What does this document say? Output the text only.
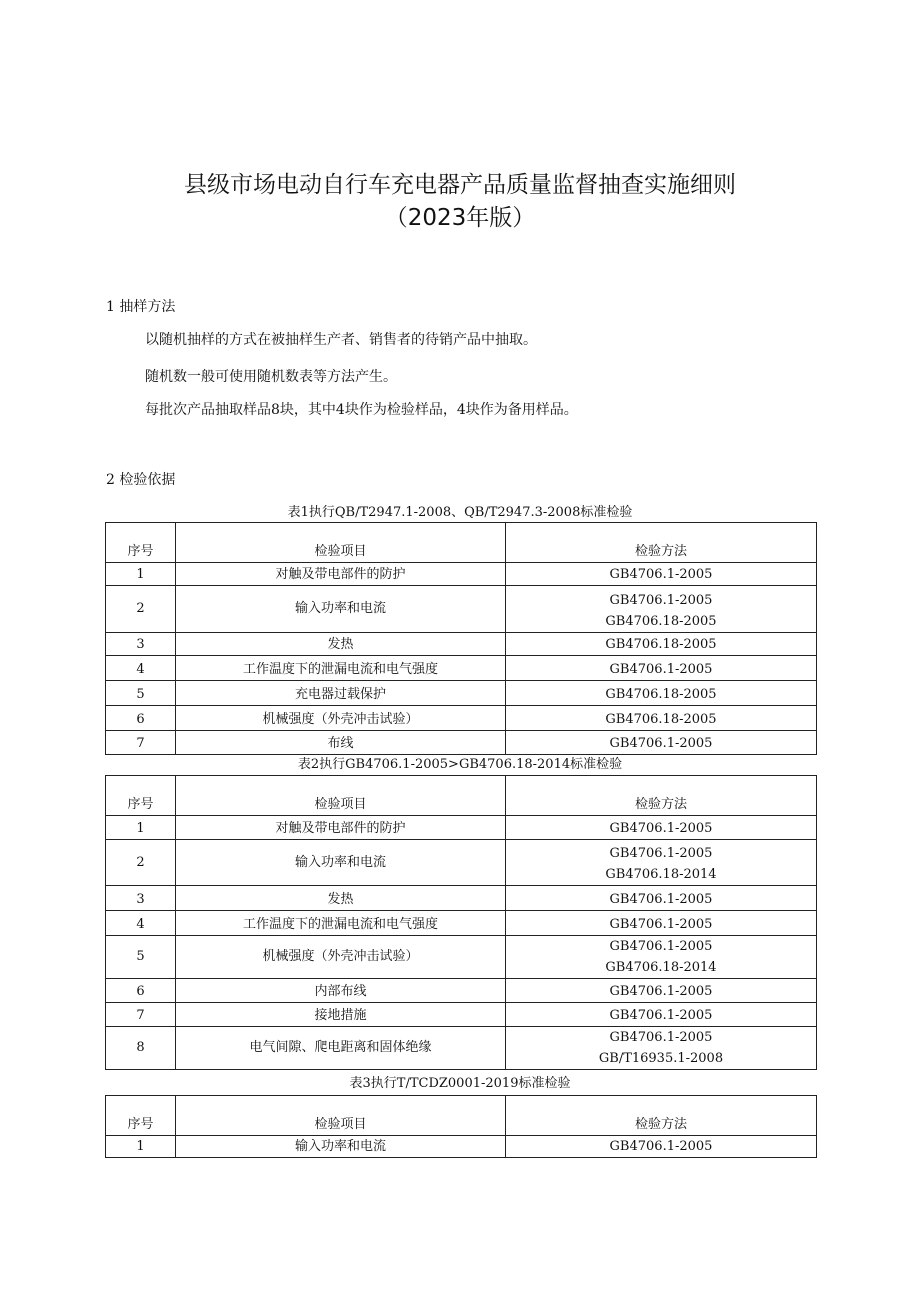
县级市场电动自行车充电器产品质量监督抽查实施细则
（2023年版）
1 抽样方法
以随机抽样的方式在被抽样生产者、销售者的待销产品中抽取。
随机数一般可使用随机数表等方法产生。
每批次产品抽取样品8块，其中4块作为检验样品，4块作为备用样品。
2 检验依据
表1执行QB/T2947.1-2008、QB/T2947.3-2008标准检验
序号	检验项目	检验方法
1	对触及带电部件的防护	GB4706.1-2005

2	输入功率和电流	GB4706.1-2005
GB4706.18-2005

3	发热	GB4706.18-2005

4	工作温度下的泄漏电流和电气强度	GB4706.1-2005

5	充电器过载保护	GB4706.18-2005

6	机械强度（外壳冲击试验）	GB4706.18-2005

7	布线	GB4706.1-2005
表2执行GB4706.1-2005>GB4706.18-2014标准检验
序号	检验项目	检验方法
1	对触及带电部件的防护	GB4706.1-2005

2	输入功率和电流	GB4706.1-2005
GB4706.18-2014

3	发热	GB4706.1-2005

4	工作温度下的泄漏电流和电气强度	GB4706.1-2005

5	机械强度（外壳冲击试验）	GB4706.1-2005
GB4706.18-2014

6	内部布线	GB4706.1-2005

7	接地措施	GB4706.1-2005

8	电气间隙、爬电距离和固体绝缘	GB4706.1-2005
GB/T16935.1-2008
表3执行T/TCDZ0001-2019标准检验
序号	检验项目	检验方法
1	输入功率和电流	GB4706.1-2005
